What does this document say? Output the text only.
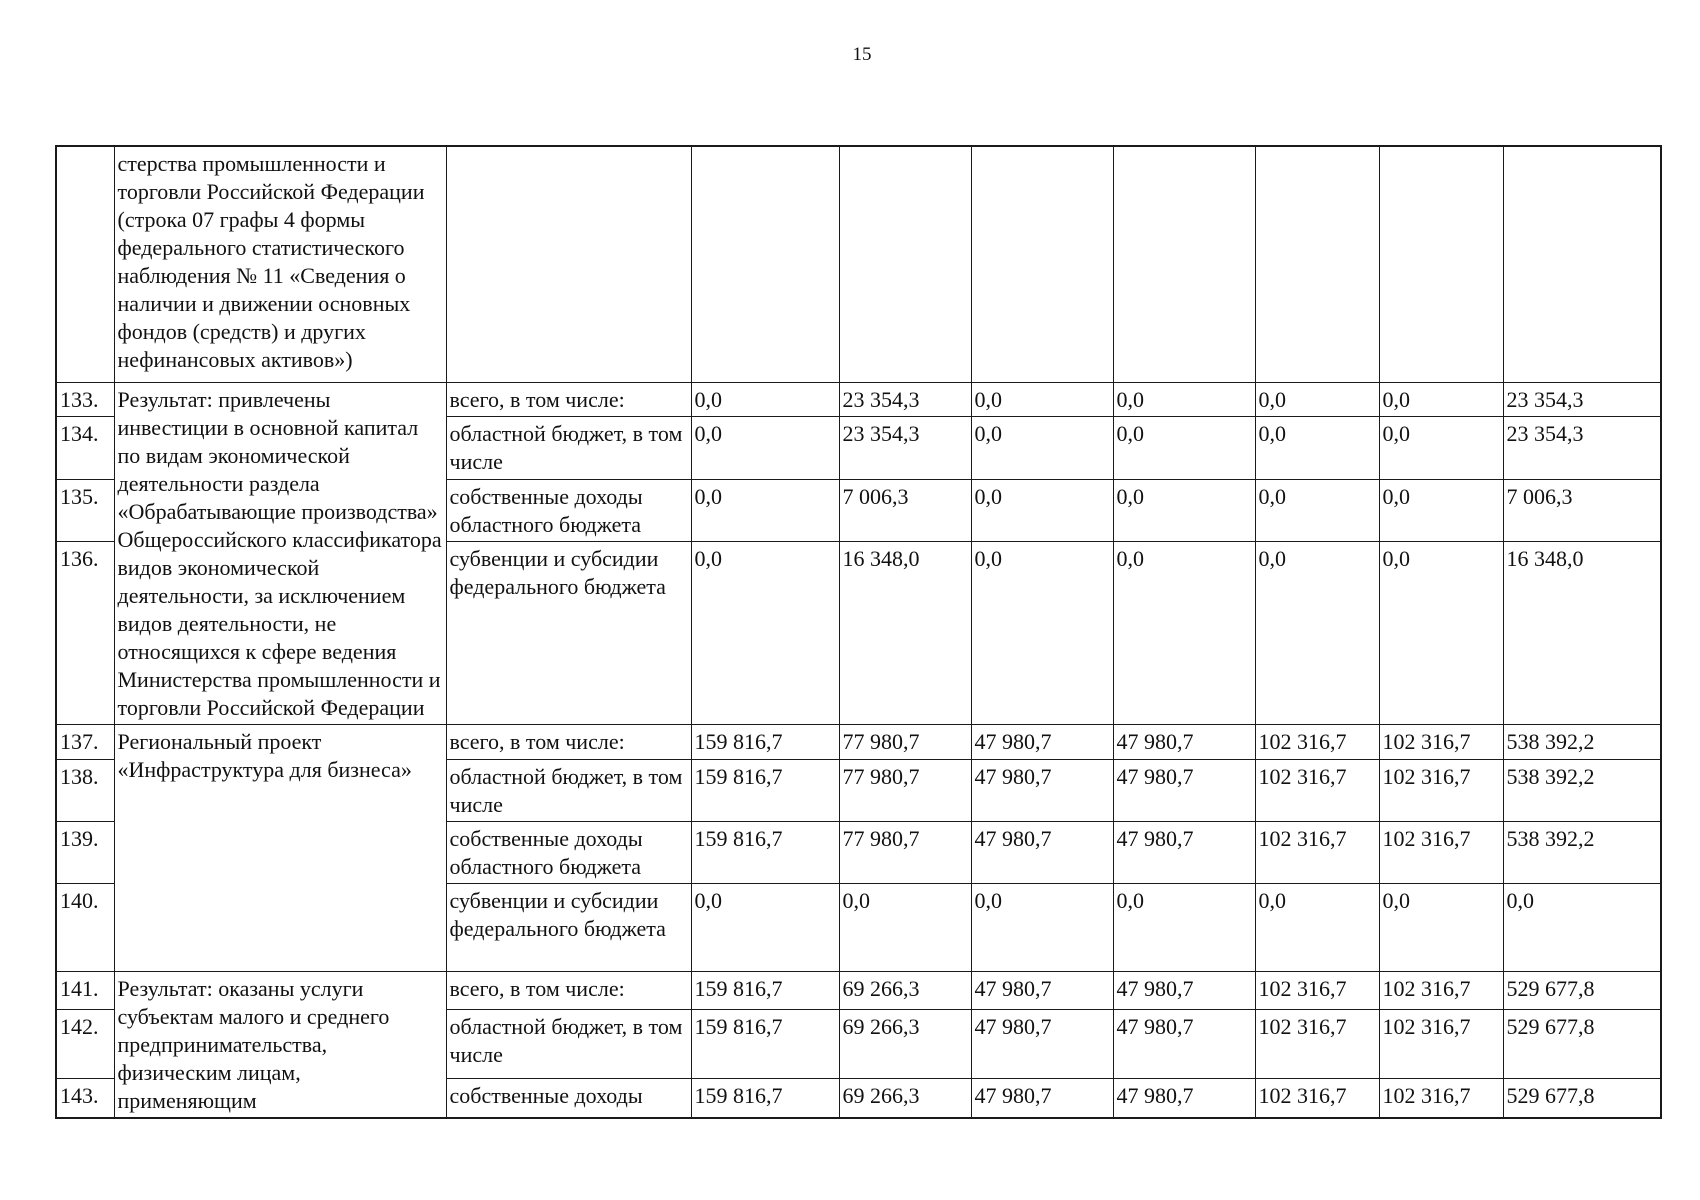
15
	стерства промышленности и торговли Российской Федерации (строка 07 графы 4 формы федерального статистического наблюдения № 11 «Сведения о наличии и движении основных фондов (средств) и других нефинансовых активов»)								
133.	Результат: привлечены инвестиции в основной капитал по видам экономической деятельности раздела «Обрабатывающие производства» Общероссийского классификатора видов экономической деятельности, за исключением видов деятельности, не относящихся к сфере ведения Министерства промышленности и торговли Российской Федерации	всего, в том числе:	0,0	23 354,3	0,0	0,0	0,0	0,0	23 354,3
134.		областной бюджет, в том числе	0,0	23 354,3	0,0	0,0	0,0	0,0	23 354,3
135.		собственные доходы областного бюджета	0,0	7 006,3	0,0	0,0	0,0	0,0	7 006,3
136.		субвенции и субсидии федерального бюджета	0,0	16 348,0	0,0	0,0	0,0	0,0	16 348,0
137.	Региональный проект «Инфраструктура для бизнеса»	всего, в том числе:	159 816,7	77 980,7	47 980,7	47 980,7	102 316,7	102 316,7	538 392,2
138.		областной бюджет, в том числе	159 816,7	77 980,7	47 980,7	47 980,7	102 316,7	102 316,7	538 392,2
139.		собственные доходы областного бюджета	159 816,7	77 980,7	47 980,7	47 980,7	102 316,7	102 316,7	538 392,2
140.		субвенции и субсидии федерального бюджета	0,0	0,0	0,0	0,0	0,0	0,0	0,0
141.	Результат: оказаны услуги субъектам малого и среднего предпринимательства, физическим лицам, применяющим	всего, в том числе:	159 816,7	69 266,3	47 980,7	47 980,7	102 316,7	102 316,7	529 677,8
142.		областной бюджет, в том числе	159 816,7	69 266,3	47 980,7	47 980,7	102 316,7	102 316,7	529 677,8
143.		собственные доходы	159 816,7	69 266,3	47 980,7	47 980,7	102 316,7	102 316,7	529 677,8
